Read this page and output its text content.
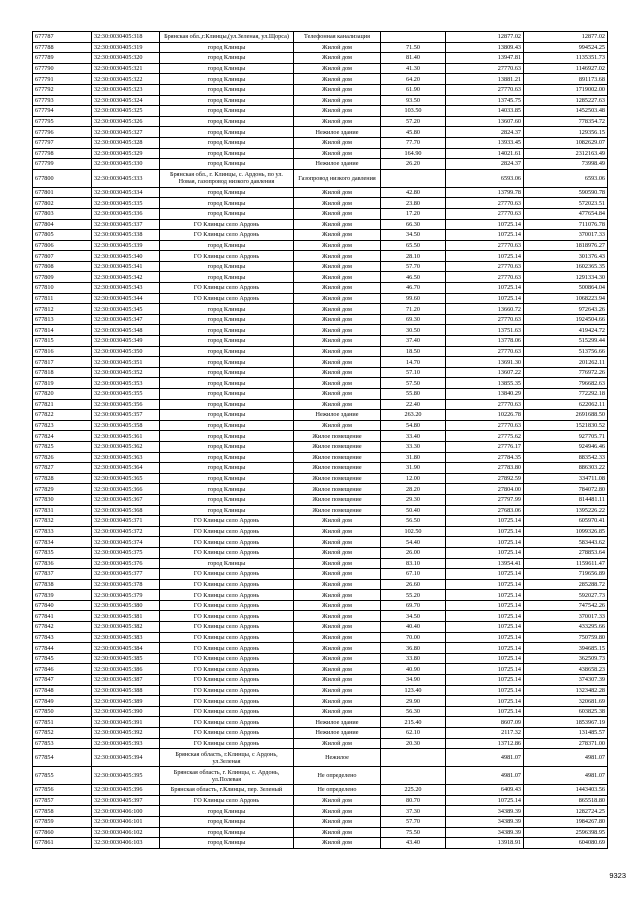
677787	32:30:0030405:318	Брянская обл.,г.Клинцы,(ул.Зеленая, ул.Щорса)	Телефонная канализация		12877.02	12877.02
677788	32:30:0030405:319	город Клинцы	Жилой дом	71.50	13809.43	994524.25
677789	32:30:0030405:320	город Клинцы	Жилой дом	81.40	13947.81	1135351.73
677790	32:30:0030405:321	город Клинцы	Жилой дом	41.30	27770.63	1146927.02
677791	32:30:0030405:322	город Клинцы	Жилой дом	64.20	13881.21	891173.68
677792	32:30:0030405:323	город Клинцы	Жилой дом	61.90	27770.63	1719002.00
677793	32:30:0030405:324	город Клинцы	Жилой дом	93.50	13745.75	1285227.63
677794	32:30:0030405:325	город Клинцы	Жилой дом	103.50	14033.85	1452503.48
677795	32:30:0030405:326	город Клинцы	Жилой дом	57.20	13607.60	778354.72
677796	32:30:0030405:327	город Клинцы	Нежилое здание	45.80	2824.37	129356.15
677797	32:30:0030405:328	город Клинцы	Жилой дом	77.70	13933.45	1082629.07
677798	32:30:0030405:329	город Клинцы	Жилой дом	164.90	14021.61	2312163.49
677799	32:30:0030405:330	город Клинцы	Нежилое здание	26.20	2824.37	73998.49
677800	32:30:0030405:333	Брянская обл., г. Клинцы, с. Ардонь, по ул. Новая, газопровод низкого давления	Газопровод низкого давления		6593.06	6593.06
677801	32:30:0030405:334	город Клинцы	Жилой дом	42.80	13799.78	590590.78
677802	32:30:0030405:335	город Клинцы	Жилой дом	23.80	27770.63	572023.51
677803	32:30:0030405:336	город Клинцы	Жилой дом	17.20	27770.63	477654.84
677804	32:30:0030405:337	ГО Клинцы село Ардонь	Жилой дом	66.30	10725.14	711076.78
677805	32:30:0030405:338	ГО Клинцы село Ардонь	Жилой дом	34.50	10725.14	370017.33
677806	32:30:0030405:339	город Клинцы	Жилой дом	65.50	27770.63	1818976.27
677807	32:30:0030405:340	ГО Клинцы село Ардонь	Жилой дом	28.10	10725.14	301376.43
677808	32:30:0030405:341	город Клинцы	Жилой дом	57.70	27770.63	1602365.35
677809	32:30:0030405:342	город Клинцы	Жилой дом	46.50	27770.63	1291334.30
677810	32:30:0030405:343	ГО Клинцы село Ардонь	Жилой дом	46.70	10725.14	500864.04
677811	32:30:0030405:344	ГО Клинцы село Ардонь	Жилой дом	99.60	10725.14	1068223.94
677812	32:30:0030405:345	город Клинцы	Жилой дом	71.20	13660.72	972643.26
677813	32:30:0030405:347	город Клинцы	Жилой дом	69.30	27770.63	1924504.66
677814	32:30:0030405:348	город Клинцы	Жилой дом	30.50	13751.63	419424.72
677815	32:30:0030405:349	город Клинцы	Жилой дом	37.40	13778.06	515299.44
677816	32:30:0030405:350	город Клинцы	Жилой дом	18.50	27770.63	513756.66
677817	32:30:0030405:351	город Клинцы	Жилой дом	14.70	13691.30	201262.11
677818	32:30:0030405:352	город Клинцы	Жилой дом	57.10	13607.22	776972.26
677819	32:30:0030405:353	город Клинцы	Жилой дом	57.50	13855.35	796682.63
677820	32:30:0030405:355	город Клинцы	Жилой дом	55.80	13840.29	772292.18
677821	32:30:0030405:356	город Клинцы	Жилой дом	22.40	27770.63	622062.11
677822	32:30:0030405:357	город Клинцы	Нежилое здание	263.20	10226.78	2691688.50
677823	32:30:0030405:358	город Клинцы	Жилой дом	54.80	27770.63	1521830.52
677824	32:30:0030405:361	город Клинцы	Жилое помещение	33.40	27775.62	927705.71
677825	32:30:0030405:362	город Клинцы	Жилое помещение	33.30	27776.17	924946.46
677826	32:30:0030405:363	город Клинцы	Жилое помещение	31.80	27784.35	883542.33
677827	32:30:0030405:364	город Клинцы	Жилое помещение	31.90	27783.80	886303.22
677828	32:30:0030405:365	город Клинцы	Жилое помещение	12.00	27892.59	334711.08
677829	32:30:0030405:366	город Клинцы	Жилое помещение	28.20	27804.00	784072.80
677830	32:30:0030405:367	город Клинцы	Жилое помещение	29.30	27797.99	814481.11
677831	32:30:0030405:368	город Клинцы	Жилое помещение	50.40	27683.06	1395226.22
677832	32:30:0030405:371	ГО Клинцы село Ардонь	Жилой дом	56.50	10725.14	605970.41
677833	32:30:0030405:372	ГО Клинцы село Ардонь	Жилой дом	102.50	10725.14	1099326.85
677834	32:30:0030405:374	ГО Клинцы село Ардонь	Жилой дом	54.40	10725.14	583443.62
677835	32:30:0030405:375	ГО Клинцы село Ардонь	Жилой дом	26.00	10725.14	278853.64
677836	32:30:0030405:376	город Клинцы	Жилой дом	83.10	13954.41	1159611.47
677837	32:30:0030405:377	ГО Клинцы село Ардонь	Жилой дом	67.10	10725.14	719656.89
677838	32:30:0030405:378	ГО Клинцы село Ардонь	Жилой дом	26.60	10725.14	285288.72
677839	32:30:0030405:379	ГО Клинцы село Ардонь	Жилой дом	55.20	10725.14	592027.73
677840	32:30:0030405:380	ГО Клинцы село Ардонь	Жилой дом	69.70	10725.14	747542.26
677841	32:30:0030405:381	ГО Клинцы село Ардонь	Жилой дом	34.50	10725.14	370017.33
677842	32:30:0030405:382	ГО Клинцы село Ардонь	Жилой дом	40.40	10725.14	433295.66
677843	32:30:0030405:383	ГО Клинцы село Ардонь	Жилой дом	70.00	10725.14	750759.80
677844	32:30:0030405:384	ГО Клинцы село Ардонь	Жилой дом	36.80	10725.14	394685.15
677845	32:30:0030405:385	ГО Клинцы село Ардонь	Жилой дом	33.80	10725.14	362509.73
677846	32:30:0030405:386	ГО Клинцы село Ардонь	Жилой дом	40.90	10725.14	438658.23
677847	32:30:0030405:387	ГО Клинцы село Ардонь	Жилой дом	34.90	10725.14	374307.39
677848	32:30:0030405:388	ГО Клинцы село Ардонь	Жилой дом	123.40	10725.14	1323482.28
677849	32:30:0030405:389	ГО Клинцы село Ардонь	Жилой дом	29.90	10725.14	320681.69
677850	32:30:0030405:390	ГО Клинцы село Ардонь	Жилой дом	56.30	10725.14	603825.38
677851	32:30:0030405:391	ГО Клинцы село Ардонь	Нежилое здание	215.40	8607.09	1853967.19
677852	32:30:0030405:392	ГО Клинцы село Ардонь	Нежилое здание	62.10	2117.32	131485.57
677853	32:30:0030405:393	ГО Клинцы село Ардонь	Жилой дом	20.30	13712.86	278371.00
677854	32:30:0030405:394	Брянская область, г.Клинцы, с Ардонь, ул.Зеленая	Нежилое		4981.07	4981.07
677855	32:30:0030405:395	Брянская область, г. Клинцы, с. Ардонь, ул.Полевая	Не определено		4981.07	4981.07
677856	32:30:0030405:396	Брянская область, г.Клинцы, пер. Зеленый	Не определено	225.20	6409.43	1443403.56
677857	32:30:0030405:397	ГО Клинцы село Ардонь	Жилой дом	80.70	10725.14	865518.80
677858	32:30:0030406:100	город Клинцы	Жилой дом	37.30	34389.39	1282724.25
677859	32:30:0030406:101	город Клинцы	Жилой дом	57.70	34389.39	1984267.80
677860	32:30:0030406:102	город Клинцы	Жилой дом	75.50	34389.39	2596398.95
677861	32:30:0030406:103	город Клинцы	Жилой дом	43.40	13918.91	604080.69
9323
